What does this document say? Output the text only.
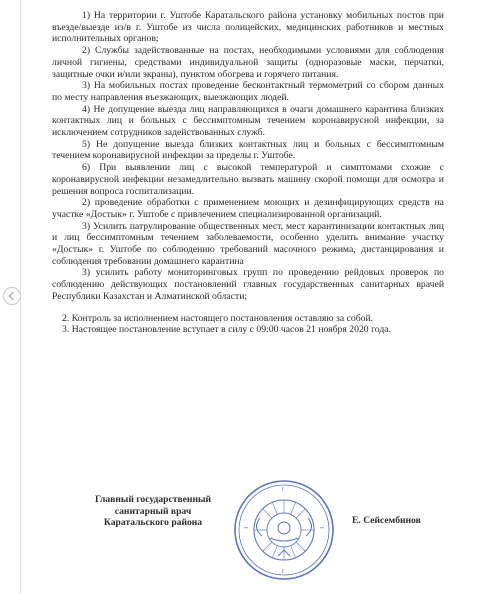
1) На территории г. Уштобе Каратальского района установку мобильных постов при въезде/выезде из/в г. Уштобе из числа полицейских, медицинских работников и местных исполнительных органов;

2) Службы задействованные на постах, необходимыми условиями для соблюдения личной гигиены, средствами индивидуальной защиты (одноразовые маски, перчатки, защитные очки и/или экраны), пунктом обогрева и горячего питания.

3) На мобильных постах проведение бесконтактный термометрий со сбором данных по месту направления въезжающих, выезжающих людей.

4) Не допущение выезда лиц направляющихся в очаги домашнего карантина близких контактных лиц и больных с бессимптомным течением коронавирусной инфекции, за исключением сотрудников задействованных служб.

5) Не допущение выезда близких контактных лиц и больных с бессимптомным течением коронавирусной инфекции за пределы г. Уштобе.

6) При выявлении лиц с высокой температурой и симптомами схожие с коронавирусной инфекции незамедлительно вызвать машину скорой помощи для осмотра и решения вопроса госпитализации.

2) проведение обработки с применением моющих и дезинфицирующих средств на участке «Достык» г. Уштобе с привлечением специализированной организаций.

3) Усилить патрулирование общественных мест, мест карантинизации контактных лиц и лиц бессимптомным течением заболеваемости, особенно уделить внимание участку «Достык» г. Уштобе по соблюдению требований масочного режима, дистанцирования и соблюдения требовании домашнего карантина

3) усилить работу мониторинговых групп по проведению рейдовых проверок по соблюдению действующих постановлений главных государственных санитарных врачей Республики Казахстан и Алматинской области;

2. Контроль за исполнением настоящего постановления оставляю за собой.

3. Настоящее постановление вступает в силу с 09:00 часов 21 ноября 2020 года.

Главный государственный
санитарный врач
Каратальского района	Е. Сейсембинов
